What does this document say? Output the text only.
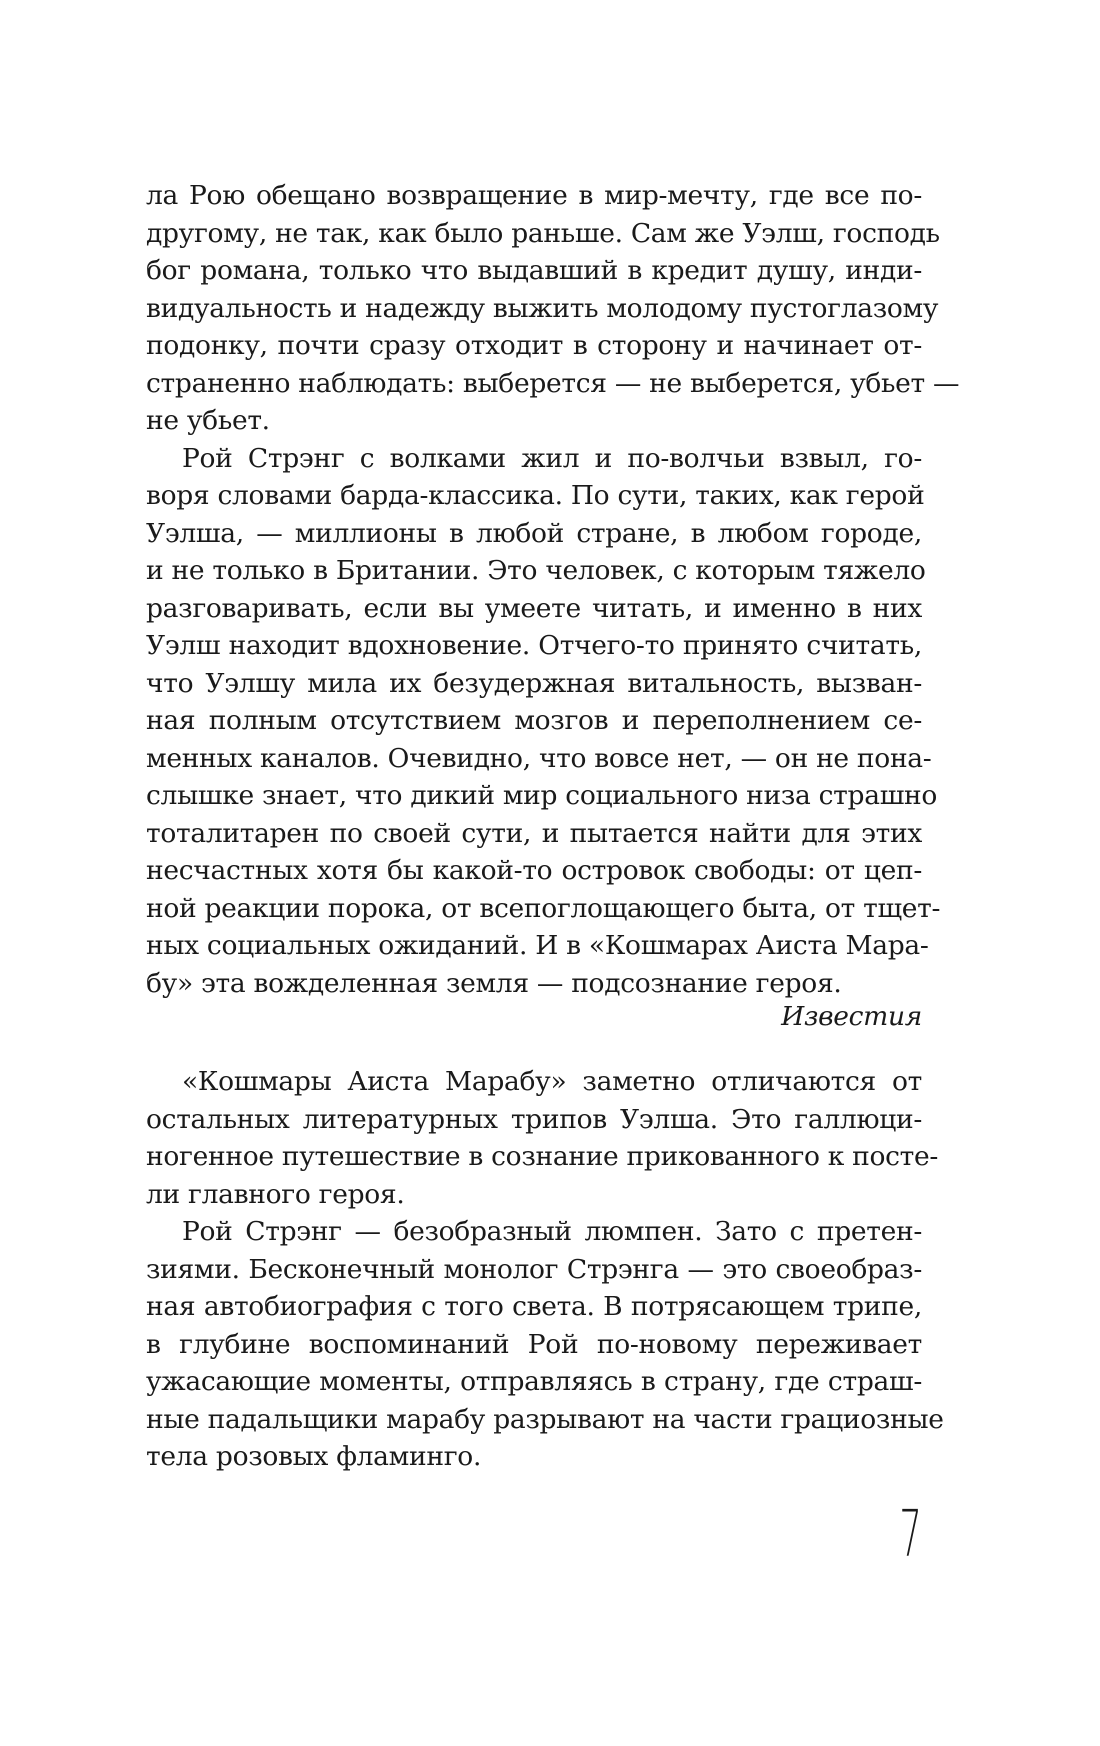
ла Рою обещано возвращение в мир-мечту, где все по-
другому, не так, как было раньше. Сам же Уэлш, господь
бог романа, только что выдавший в кредит душу, инди-
видуальность и надежду выжить молодому пустоглазому
подонку, почти сразу отходит в сторону и начинает от-
страненно наблюдать: выберется — не выберется, убьет —
не убьет.
Рой Стрэнг с волками жил и по-волчьи взвыл, го-
воря словами барда-классика. По сути, таких, как герой
Уэлша, — миллионы в любой стране, в любом городе,
и не только в Британии. Это человек, с которым тяжело
разговаривать, если вы умеете читать, и именно в них
Уэлш находит вдохновение. Отчего-то принято считать,
что Уэлшу мила их безудержная витальность, вызван-
ная полным отсутствием мозгов и переполнением се-
менных каналов. Очевидно, что вовсе нет, — он не пона-
слышке знает, что дикий мир социального низа страшно
тоталитарен по своей сути, и пытается найти для этих
несчастных хотя бы какой-то островок свободы: от цеп-
ной реакции порока, от всепоглощающего быта, от тщет-
ных социальных ожиданий. И в «Кошмарах Аиста Мара-
бу» эта вожделенная земля — подсознание героя.
Известия
«Кошмары Аиста Марабу» заметно отличаются от
остальных литературных трипов Уэлша. Это галлюци-
ногенное путешествие в сознание прикованного к посте-
ли главного героя.
Рой Стрэнг — безобразный люмпен. Зато с претен-
зиями. Бесконечный монолог Стрэнга — это своеобраз-
ная автобиография с того света. В потрясающем трипе,
в глубине воспоминаний Рой по-новому переживает
ужасающие моменты, отправляясь в страну, где страш-
ные падальщики марабу разрывают на части грациозные
тела розовых фламинго.
7
